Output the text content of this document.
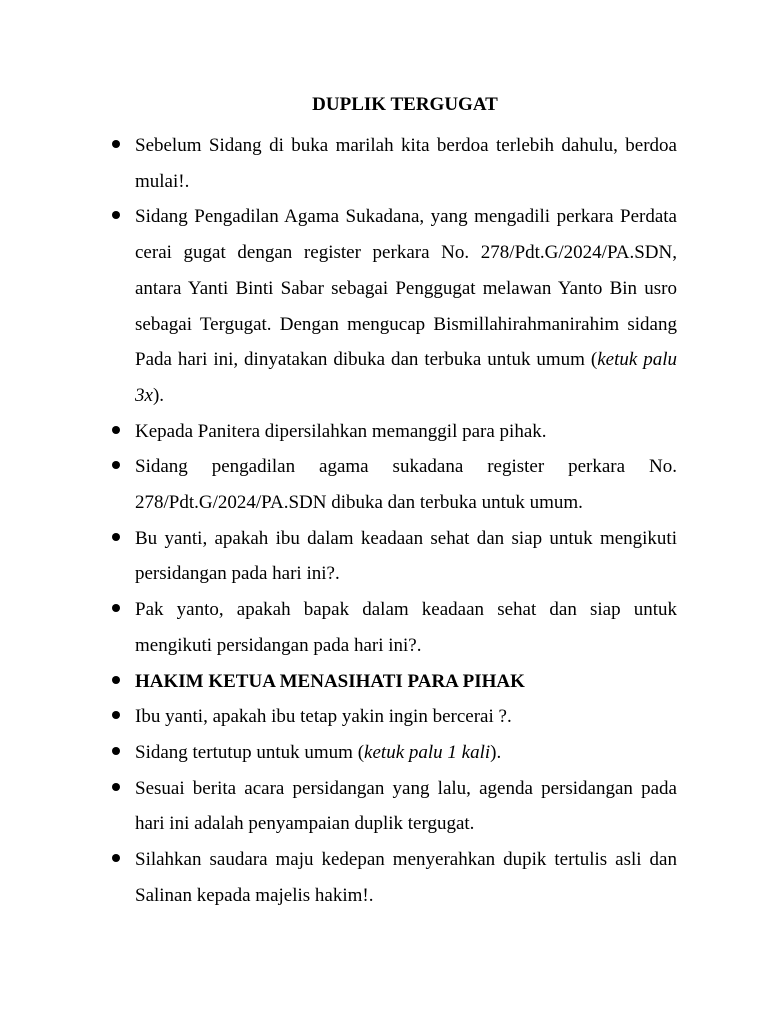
DUPLIK TERGUGAT
Sebelum Sidang di buka marilah kita berdoa terlebih dahulu, berdoa mulai!.
Sidang Pengadilan Agama Sukadana, yang mengadili perkara Perdata cerai gugat dengan register perkara No. 278/Pdt.G/2024/PA.SDN, antara Yanti Binti Sabar sebagai Penggugat melawan Yanto Bin usro sebagai Tergugat. Dengan mengucap Bismillahirahmanirahim sidang Pada hari ini, dinyatakan dibuka dan terbuka untuk umum (ketuk palu 3x).
Kepada Panitera dipersilahkan memanggil para pihak.
Sidang pengadilan agama sukadana register perkara No. 278/Pdt.G/2024/PA.SDN dibuka dan terbuka untuk umum.
Bu yanti, apakah ibu dalam keadaan sehat dan siap untuk mengikuti persidangan pada hari ini?.
Pak yanto, apakah bapak dalam keadaan sehat dan siap untuk mengikuti persidangan pada hari ini?.
HAKIM KETUA MENASIHATI PARA PIHAK
Ibu yanti, apakah ibu tetap yakin ingin bercerai ?.
Sidang tertutup untuk umum (ketuk palu 1 kali).
Sesuai berita acara persidangan yang lalu, agenda persidangan pada hari ini adalah penyampaian duplik tergugat.
Silahkan saudara maju kedepan menyerahkan dupik tertulis asli dan Salinan kepada majelis hakim!.
